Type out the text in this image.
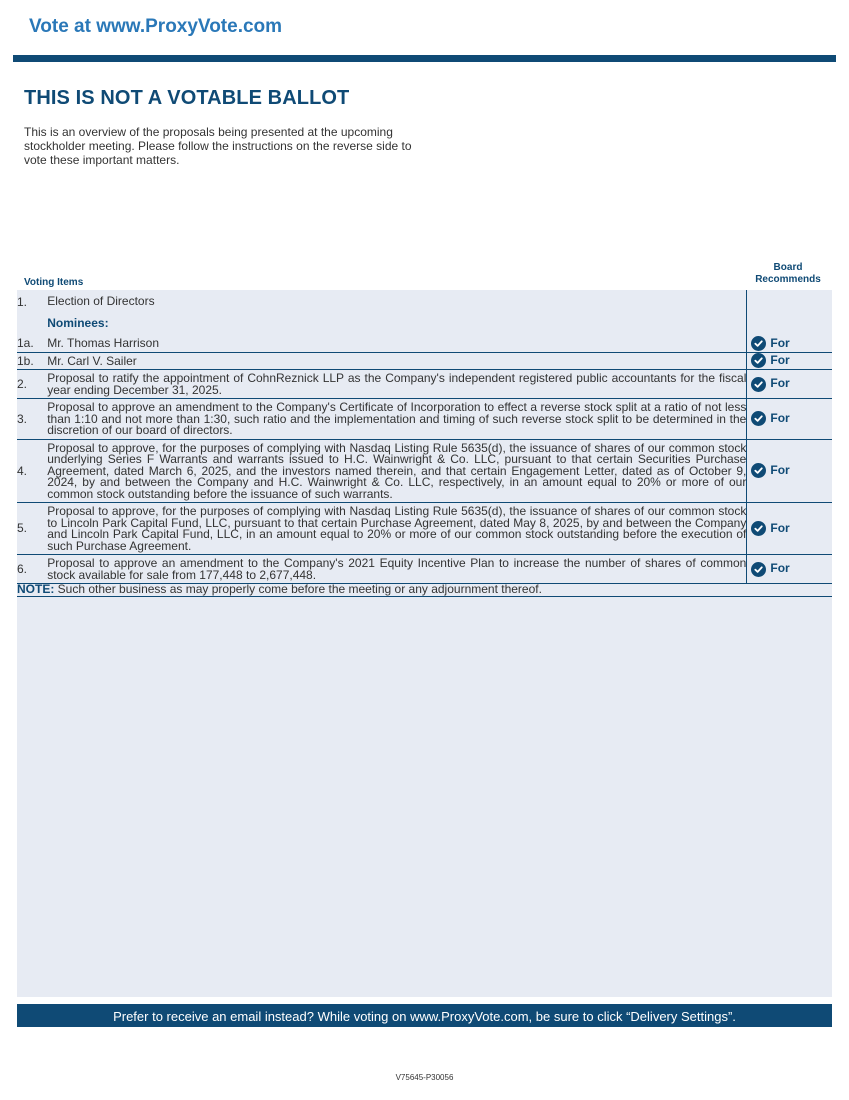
Vote at www.ProxyVote.com
THIS IS NOT A VOTABLE BALLOT
This is an overview of the proposals being presented at the upcoming stockholder meeting. Please follow the instructions on the reverse side to vote these important matters.
Voting Items
Board
Recommends
1.	Election of Directors	
	Nominees:	
1a.	Mr. Thomas Harrison	For

1b.	Mr. Carl V. Sailer	For

2.	Proposal to ratify the appointment of CohnReznick LLP as the Company's independent registered public accountants for the fiscal year ending December 31, 2025.	For

3.	Proposal to approve an amendment to the Company's Certificate of Incorporation to effect a reverse stock split at a ratio of not less than 1:10 and not more than 1:30, such ratio and the implementation and timing of such reverse stock split to be determined in the discretion of our board of directors.	For

4.	Proposal to approve, for the purposes of complying with Nasdaq Listing Rule 5635(d), the issuance of shares of our common stock underlying Series F Warrants and warrants issued to H.C. Wainwright & Co. LLC, pursuant to that certain Securities Purchase Agreement, dated March 6, 2025, and the investors named therein, and that certain Engagement Letter, dated as of October 9, 2024, by and between the Company and H.C. Wainwright & Co. LLC, respectively, in an amount equal to 20% or more of our common stock outstanding before the issuance of such warrants.	For

5.	Proposal to approve, for the purposes of complying with Nasdaq Listing Rule 5635(d), the issuance of shares of our common stock to Lincoln Park Capital Fund, LLC, pursuant to that certain Purchase Agreement, dated May 8, 2025, by and between the Company and Lincoln Park Capital Fund, LLC, in an amount equal to 20% or more of our common stock outstanding before the execution of such Purchase Agreement.	For

6.	Proposal to approve an amendment to the Company's 2021 Equity Incentive Plan to increase the number of shares of common stock available for sale from 177,448 to 2,677,448.	For

NOTE: Such other business as may properly come before the meeting or any adjournment thereof.		
Prefer to receive an email instead? While voting on www.ProxyVote.com, be sure to click “Delivery Settings”.
V75645-P30056
